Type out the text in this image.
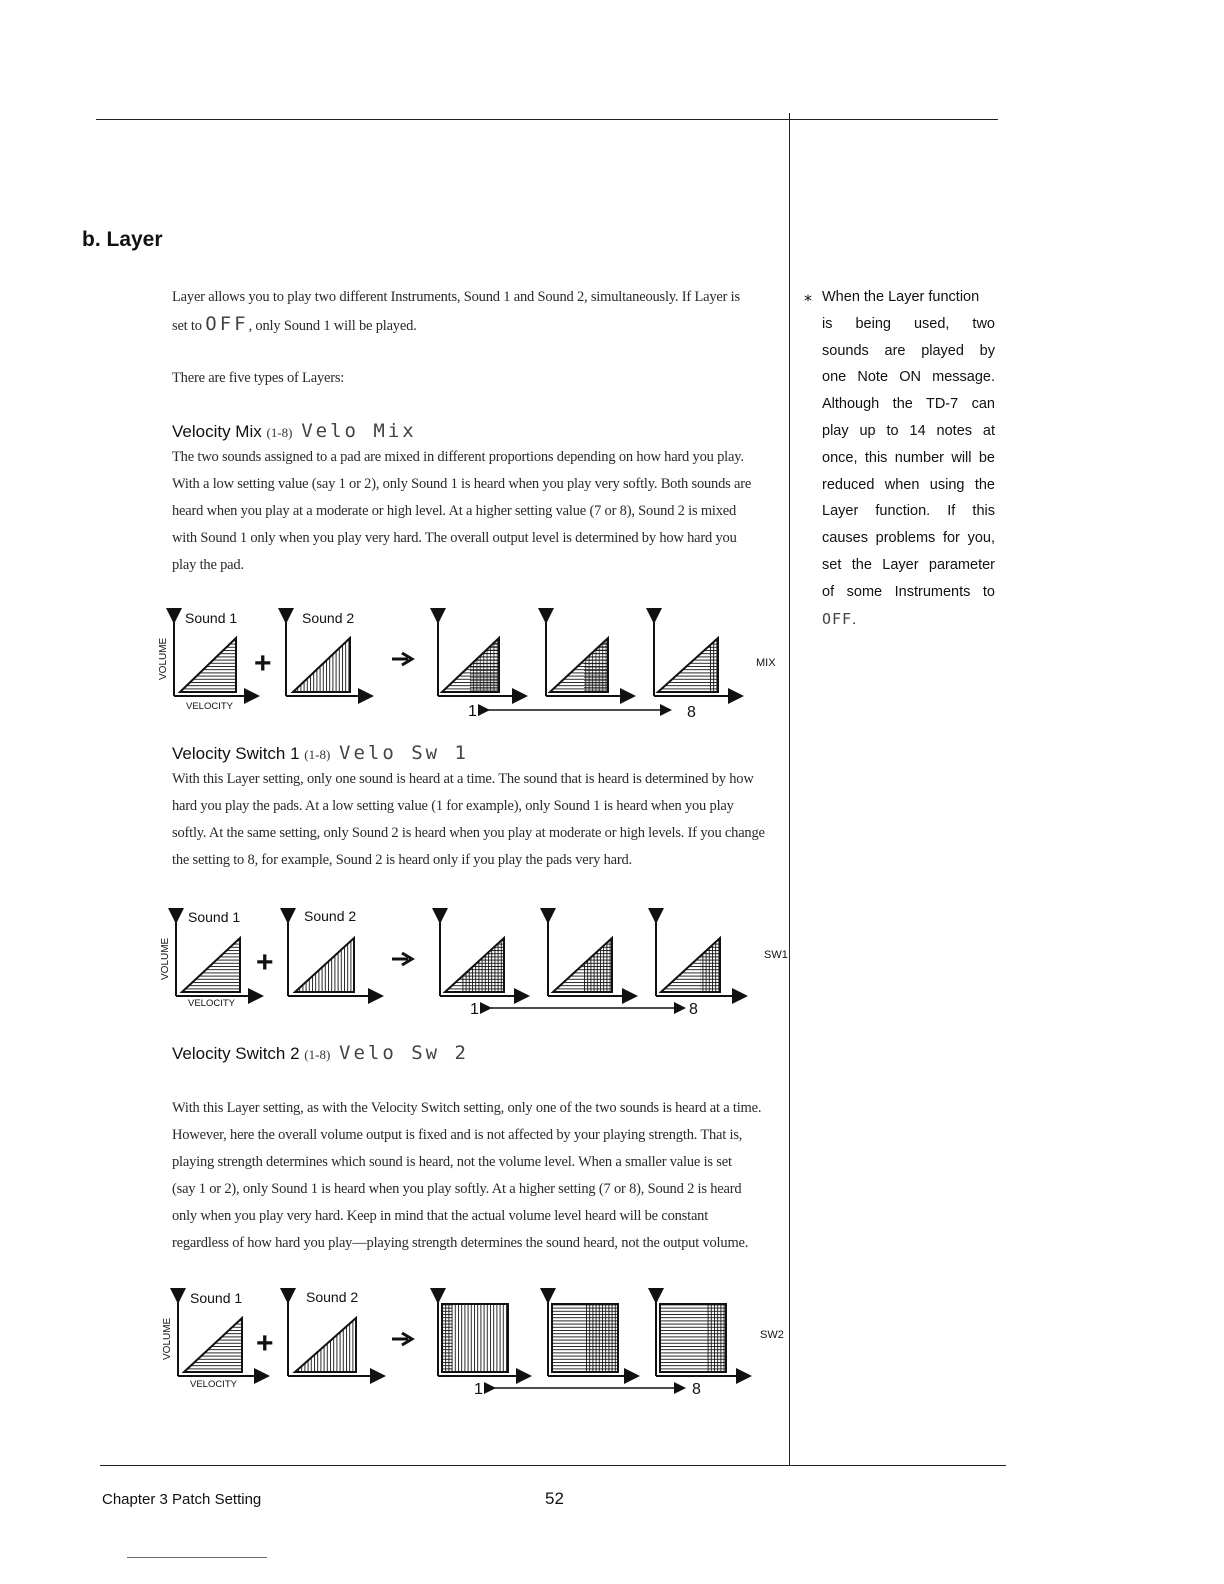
b. Layer
Layer allows you to play two different Instruments, Sound 1 and Sound 2, simultaneously. If Layer is
set to OFF, only Sound 1 will be played.
There are five types of Layers:
Velocity Mix (1-8) Velo Mix
The two sounds assigned to a pad are mixed in different proportions depending on how hard you play.
With a low setting value (say 1 or 2), only Sound 1 is heard when you play very softly. Both sounds are
heard when you play at a moderate or high level. At a higher setting value (7 or 8), Sound 2 is mixed
with Sound 1 only when you play very hard. The overall output level is determined by how hard you
play the pad.
VOLUME
Sound 1
VELOCITY
+
Sound 2
MIX
1	8
Velocity Switch 1 (1-8) Velo Sw 1
With this Layer setting, only one sound is heard at a time. The sound that is heard is determined by how
hard you play the pads. At a low setting value (1 for example), only Sound 1 is heard when you play
softly. At the same setting, only Sound 2 is heard when you play at moderate or high levels. If you change
the setting to 8, for example, Sound 2 is heard only if you play the pads very hard.
VOLUME
Sound 1
VELOCITY
+
Sound 2
SW1
1	8
Velocity Switch 2 (1-8) Velo Sw 2
With this Layer setting, as with the Velocity Switch setting, only one of the two sounds is heard at a time.
However, here the overall volume output is fixed and is not affected by your playing strength. That is,
playing strength determines which sound is heard, not the volume level. When a smaller value is set
(say 1 or 2), only Sound 1 is heard when you play softly. At a higher setting (7 or 8), Sound 2 is heard
only when you play very hard. Keep in mind that the actual volume level heard will be constant
regardless of how hard you play—playing strength determines the sound heard, not the output volume.
VOLUME
Sound 1
VELOCITY
+
Sound 2
SW2
1	8
⁎ When the Layer function
is being used, two
sounds are played by
one Note ON message.
Although the TD-7 can
play up to 14 notes at
once, this number will be
reduced when using the
Layer function. If this
causes problems for you,
set the Layer parameter
of some Instruments to
OFF.
Chapter 3 Patch Setting	52
